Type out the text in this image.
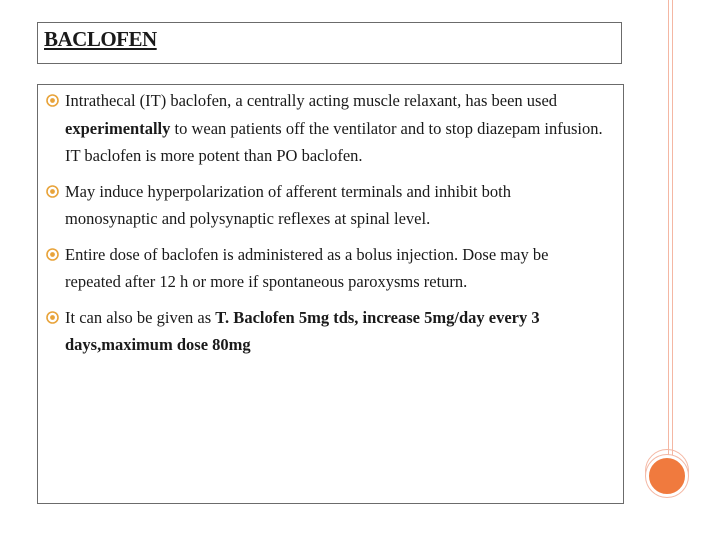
BACLOFEN
Intrathecal (IT) baclofen, a centrally acting muscle relaxant, has been used experimentally to wean patients off the ventilator and to stop diazepam infusion. IT baclofen is more potent than PO baclofen.
May induce hyperpolarization of afferent terminals and inhibit both monosynaptic and polysynaptic reflexes at spinal level.
Entire dose of baclofen is administered as a bolus injection. Dose may be repeated after 12 h or more if spontaneous paroxysms return.
It can also be given as T. Baclofen 5mg tds, increase 5mg/day every 3 days,maximum dose 80mg
